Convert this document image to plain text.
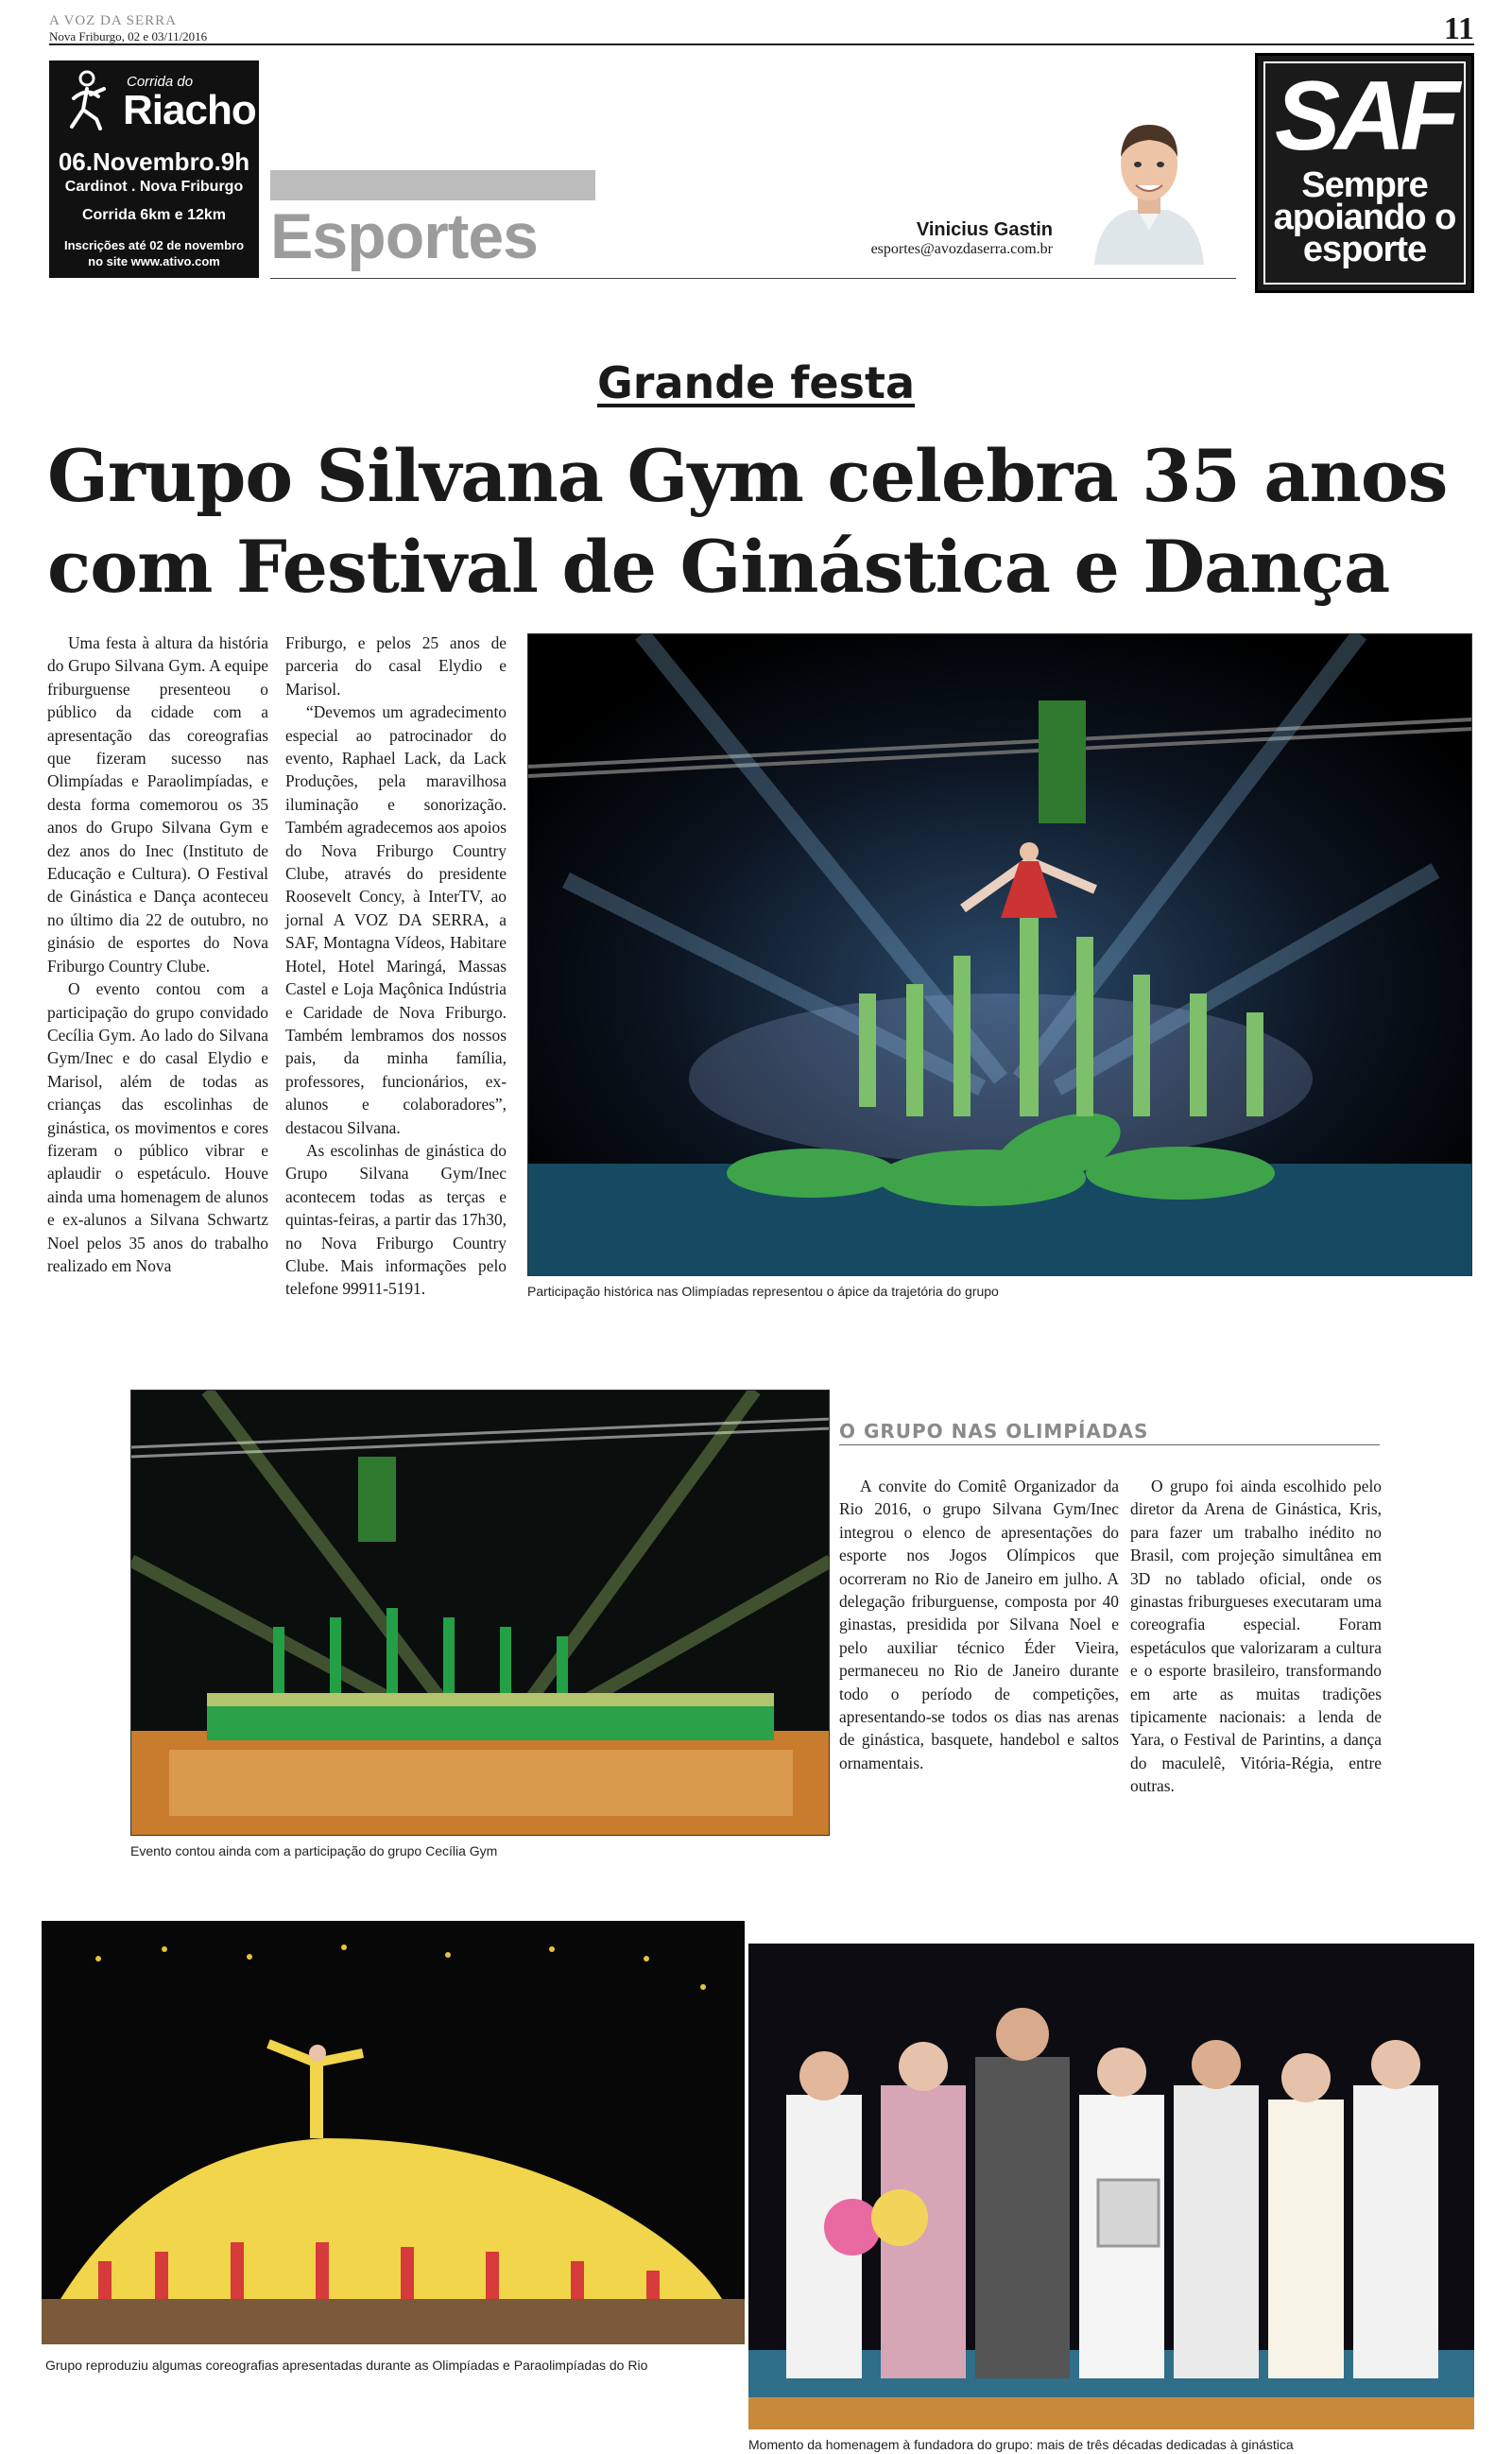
A VOZ DA SERRA
Nova Friburgo, 02 e 03/11/2016	11
Corrida do
Riacho
06.Novembro.9h
Cardinot . Nova Friburgo
Corrida 6km e 12km
Inscrições até 02 de novembro
no site www.ativo.com Esportes	Vinicius Gastin
esportes@avozdaserra.com.br
SAF
Sempre
apoiando o
esporte
Grande festa
Grupo Silvana Gym celebra 35 anos
com Festival de Ginástica e Dança

Uma festa à altura da história do Grupo Silvana Gym. A equipe friburguense presenteou o público da cidade com a apresentação das coreografias que fizeram sucesso nas Olimpíadas e Paraolimpíadas, e desta forma comemorou os 35 anos do Grupo Silvana Gym e dez anos do Inec (Instituto de Educação e Cultura). O Festival de Ginástica e Dança aconteceu no último dia 22 de outubro, no ginásio de esportes do Nova Friburgo Country Clube.

O evento contou com a participação do grupo convidado Cecília Gym. Ao lado do Silvana Gym/Inec e do casal Elydio e Marisol, além de todas as crianças das escolinhas de ginástica, os movimentos e cores fizeram o público vibrar e aplaudir o espetáculo. Houve ainda uma homenagem de alunos e ex-alunos a Silvana Schwartz Noel pelos 35 anos do trabalho realizado em Nova

Friburgo, e pelos 25 anos de parceria do casal Elydio e Marisol.

“Devemos um agradecimento especial ao patrocinador do evento, Raphael Lack, da Lack Produções, pela maravilhosa iluminação e sonorização. Também agradecemos aos apoios do Nova Friburgo Country Clube, através do presidente Roosevelt Concy, à InterTV, ao jornal A VOZ DA SERRA, a SAF, Montagna Vídeos, Habitare Hotel, Hotel Maringá, Massas Castel e Loja Maçônica Indústria e Caridade de Nova Friburgo. Também lembramos dos nossos pais, da minha família, professores, funcionários, ex-alunos e colaboradores”, destacou Silvana.

As escolinhas de ginástica do Grupo Silvana Gym/Inec acontecem todas as terças e quintas-feiras, a partir das 17h30, no Nova Friburgo Country Clube. Mais informações pelo telefone 99911-5191.	Participação histórica nas Olimpíadas representou o ápice da trajetória do grupo
Evento contou ainda com a participação do grupo Cecília Gym
O GRUPO NAS OLIMPÍADAS

A convite do Comitê Organizador da Rio 2016, o grupo Silvana Gym/Inec integrou o elenco de apresentações do esporte nos Jogos Olímpicos que ocorreram no Rio de Janeiro em julho. A delegação friburguense, composta por 40 ginastas, presidida por Silvana Noel e pelo auxiliar técnico Éder Vieira, permaneceu no Rio de Janeiro durante todo o período de competições, apresentando-se todos os dias nas arenas de ginástica, basquete, handebol e saltos ornamentais.

O grupo foi ainda escolhido pelo diretor da Arena de Ginástica, Kris, para fazer um trabalho inédito no Brasil, com projeção simultânea em 3D no tablado oficial, onde os ginastas friburgueses executaram uma coreografia especial. Foram espetáculos que valorizaram a cultura e o esporte brasileiro, transformando em arte as muitas tradições tipicamente nacionais: a lenda de Yara, o Festival de Parintins, a dança do maculelê, Vitória-Régia, entre outras.

Grupo reproduziu algumas coreografias apresentadas durante as Olimpíadas e Paraolimpíadas do Rio
Momento da homenagem à fundadora do grupo: mais de três décadas dedicadas à ginástica
